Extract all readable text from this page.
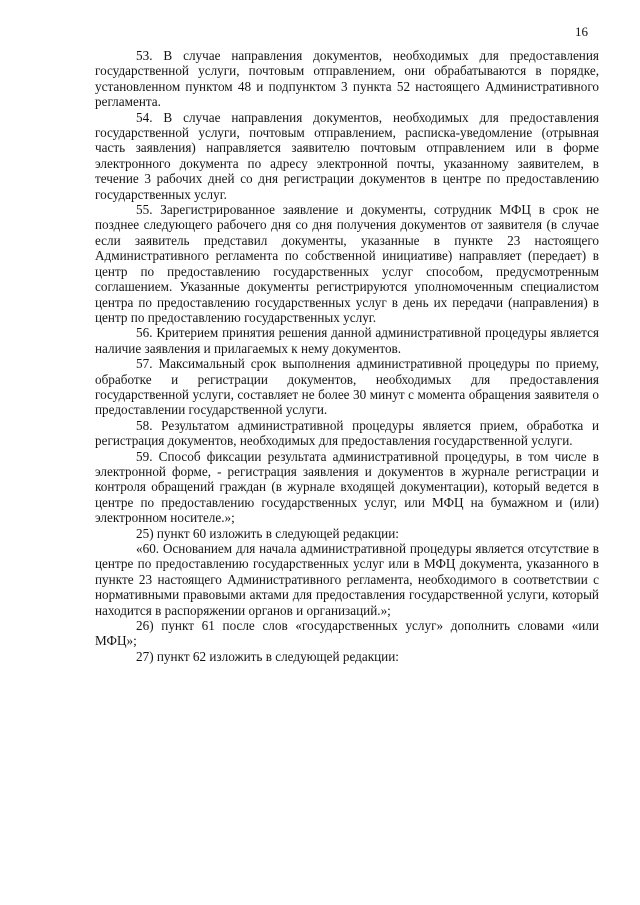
16

53. В случае направления документов, необходимых для предоставления государственной услуги, почтовым отправлением, они обрабатываются в порядке, установленном пунктом 48 и подпунктом 3 пункта 52 настоящего Административного регламента.

54. В случае направления документов, необходимых для предоставления государственной услуги, почтовым отправлением, расписка-уведомление (отрывная часть заявления) направляется заявителю почтовым отправлением или в форме электронного документа по адресу электронной почты, указанному заявителем, в течение 3 рабочих дней со дня регистрации документов в центре по предоставлению государственных услуг.

55. Зарегистрированное заявление и документы, сотрудник МФЦ в срок не позднее следующего рабочего дня со дня получения документов от заявителя (в случае если заявитель представил документы, указанные в пункте 23 настоящего Административного регламента по собственной инициативе) направляет (передает) в центр по предоставлению государственных услуг способом, предусмотренным соглашением. Указанные документы регистрируются уполномоченным специалистом центра по предоставлению государственных услуг в день их передачи (направления) в центр по предоставлению государственных услуг.

56. Критерием принятия решения данной административной процедуры является наличие заявления и прилагаемых к нему документов.

57. Максимальный срок выполнения административной процедуры по приему, обработке и регистрации документов, необходимых для предоставления государственной услуги, составляет не более 30 минут с момента обращения заявителя о предоставлении государственной услуги.

58. Результатом административной процедуры является прием, обработка и регистрация документов, необходимых для предоставления государственной услуги.

59. Способ фиксации результата административной процедуры, в том числе в электронной форме, - регистрация заявления и документов в журнале регистрации и контроля обращений граждан (в журнале входящей документации), который ведется в центре по предоставлению государственных услуг, или МФЦ на бумажном и (или) электронном носителе.»;

25) пункт 60 изложить в следующей редакции:

«60. Основанием для начала административной процедуры является отсутствие в центре по предоставлению государственных услуг или в МФЦ документа, указанного в пункте 23 настоящего Административного регламента, необходимого в соответствии с нормативными правовыми актами для предоставления государственной услуги, который находится в распоряжении органов и организаций.»;

26) пункт 61 после слов «государственных услуг» дополнить словами «или МФЦ»;

27) пункт 62 изложить в следующей редакции:
